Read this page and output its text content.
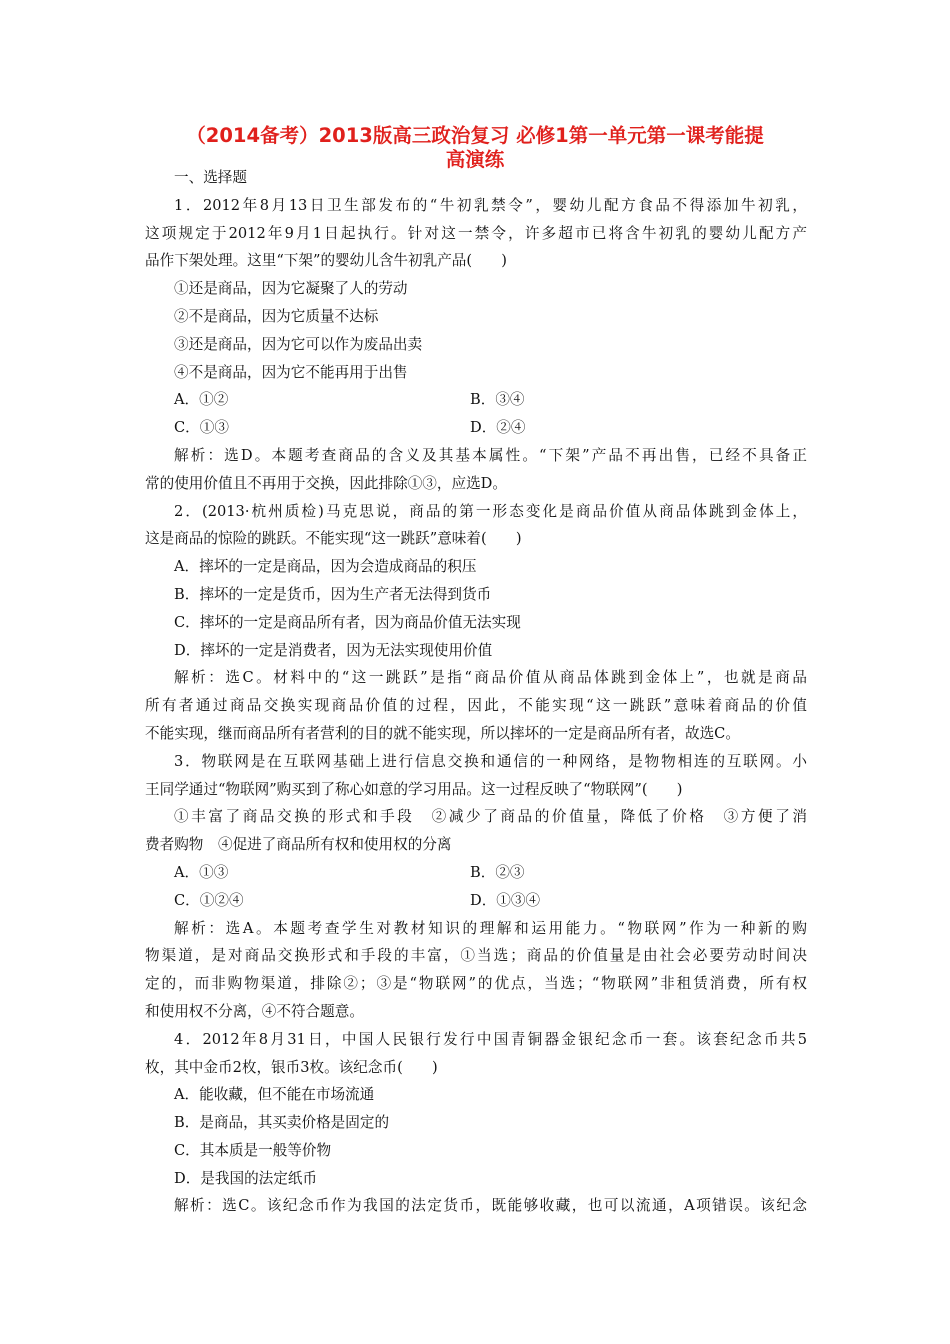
（2014备考）2013版高三政治复习 必修1第一单元第一课考能提
高演练
一、选择题
1．2012年8月13日卫生部发布的“牛初乳禁令”，婴幼儿配方食品不得添加牛初乳，
这项规定于2012年9月1日起执行。针对这一禁令，许多超市已将含牛初乳的婴幼儿配方产
品作下架处理。这里“下架”的婴幼儿含牛初乳产品(　　)
①还是商品，因为它凝聚了人的劳动
②不是商品，因为它质量不达标
③还是商品，因为它可以作为废品出卖
④不是商品，因为它不能再用于出售
A．①②	B．③④
C．①③	D．②④
解析：选D。本题考查商品的含义及其基本属性。“下架”产品不再出售，已经不具备正
常的使用价值且不再用于交换，因此排除①③，应选D。
2．(2013·杭州质检)马克思说，商品的第一形态变化是商品价值从商品体跳到金体上，
这是商品的惊险的跳跃。不能实现“这一跳跃”意味着(　　)
A．摔坏的一定是商品，因为会造成商品的积压
B．摔坏的一定是货币，因为生产者无法得到货币
C．摔坏的一定是商品所有者，因为商品价值无法实现
D．摔坏的一定是消费者，因为无法实现使用价值
解析：选C。材料中的“这一跳跃”是指“商品价值从商品体跳到金体上”，也就是商品
所有者通过商品交换实现商品价值的过程，因此，不能实现“这一跳跃”意味着商品的价值
不能实现，继而商品所有者营利的目的就不能实现，所以摔坏的一定是商品所有者，故选C。
3．物联网是在互联网基础上进行信息交换和通信的一种网络，是物物相连的互联网。小
王同学通过“物联网”购买到了称心如意的学习用品。这一过程反映了“物联网”(　　)
①丰富了商品交换的形式和手段　②减少了商品的价值量，降低了价格　③方便了消
费者购物　④促进了商品所有权和使用权的分离
A．①③	B．②③
C．①②④	D．①③④
解析：选A。本题考查学生对教材知识的理解和运用能力。“物联网”作为一种新的购
物渠道，是对商品交换形式和手段的丰富，①当选；商品的价值量是由社会必要劳动时间决
定的，而非购物渠道，排除②；③是“物联网”的优点，当选；“物联网”非租赁消费，所有权
和使用权不分离，④不符合题意。
4．2012年8月31日，中国人民银行发行中国青铜器金银纪念币一套。该套纪念币共5
枚，其中金币2枚，银币3枚。该纪念币(　　)
A．能收藏，但不能在市场流通
B．是商品，其买卖价格是固定的
C．其本质是一般等价物
D．是我国的法定纸币
解析：选C。该纪念币作为我国的法定货币，既能够收藏，也可以流通，A项错误。该纪念
